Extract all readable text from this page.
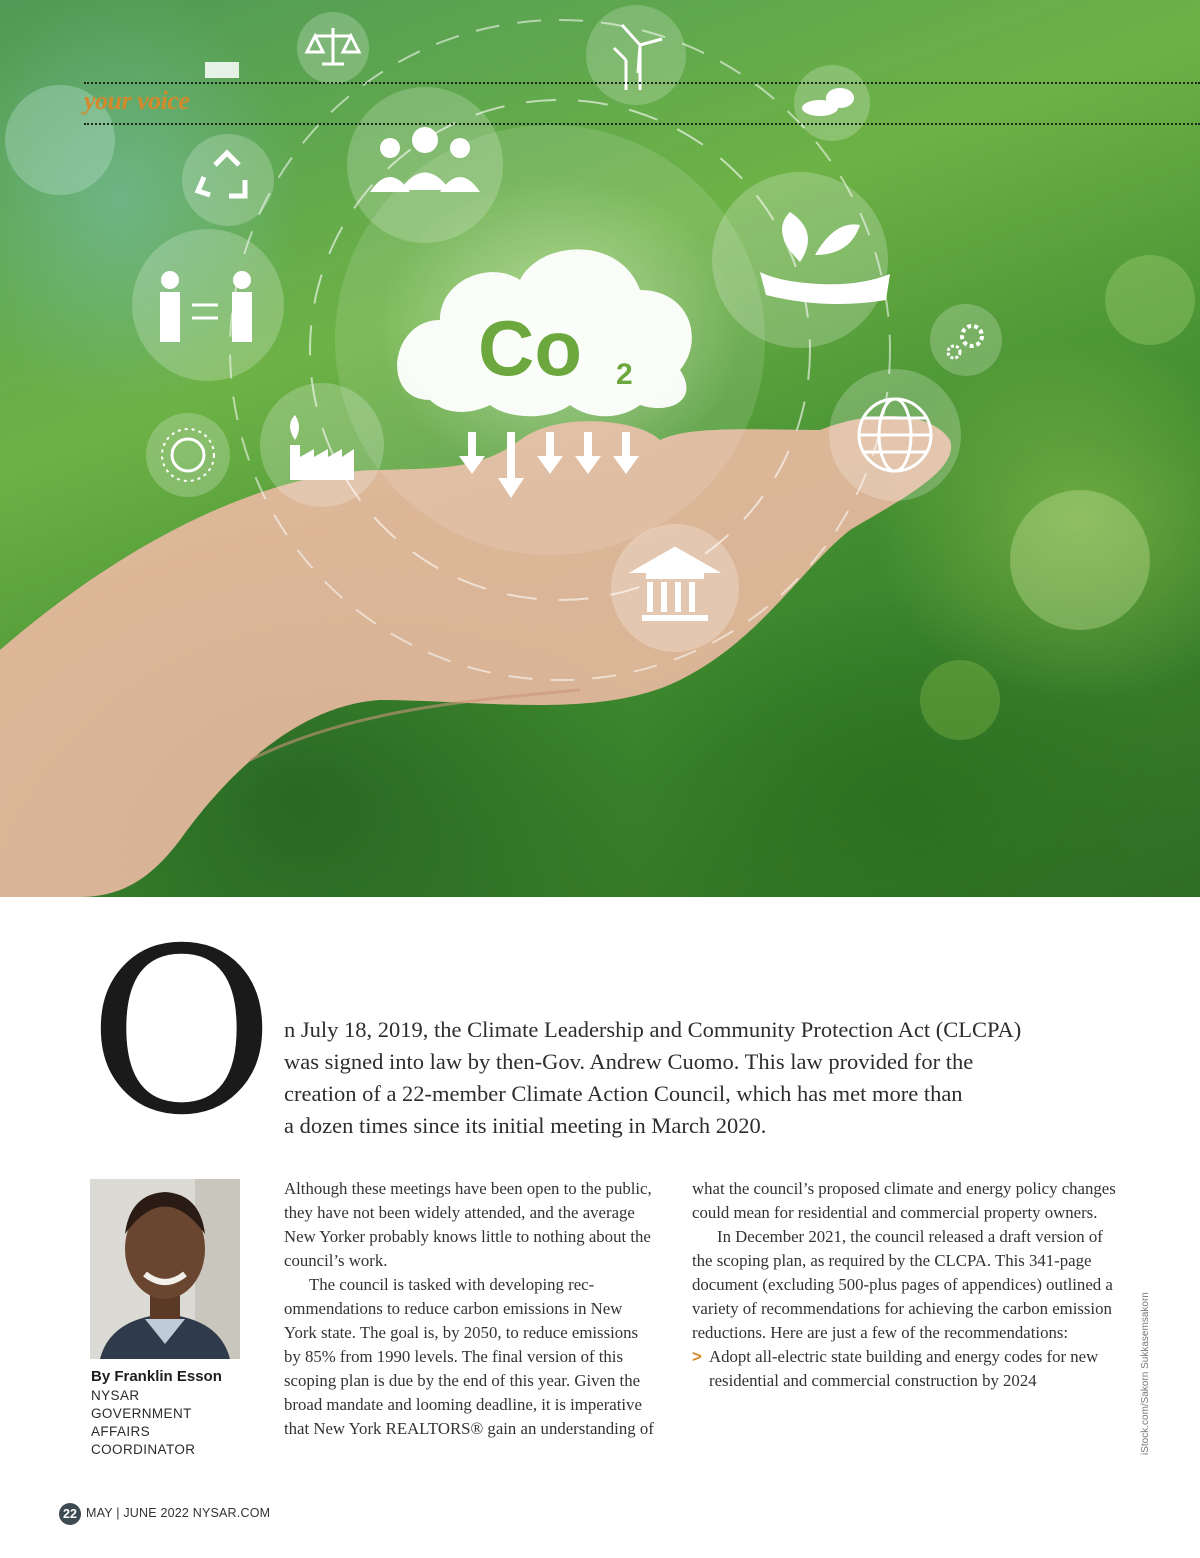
Co 2
your voice
O n July 18, 2019, the Climate Leadership and Community Protection Act (CLCPA)

was signed into law by then-Gov. Andrew Cuomo. This law provided for the

creation of a 22-member Climate Action Council, which has met more than

a dozen times since its initial meeting in March 2020.

By Franklin Esson
NYSAR
GOVERNMENT
AFFAIRS
COORDINATOR

Although these meetings have been open to the public, they have not been widely attended, and the average New Yorker probably knows little to nothing about the council’s work.

The council is tasked with developing rec-ommendations to reduce carbon emissions in New York state. The goal is, by 2050, to reduce emissions by 85% from 1990 levels. The final version of this scoping plan is due by the end of this year. Given the broad mandate and looming deadline, it is imperative that New York REALTORS® gain an understanding of

what the council’s proposed climate and energy policy changes could mean for residential and commercial property owners.

In December 2021, the council released a draft version of the scoping plan, as required by the CLCPA. This 341-page document (excluding 500-plus pages of appendices) outlined a variety of recommendations for achieving the carbon emission reductions. Here are just a few of the recommendations:

> Adopt all-electric state building and energy codes for new residential and commercial construction by 2024	iStock.com/Sakorn Sukkasemsakorn
22 MAY | JUNE 2022 NYSAR.COM
